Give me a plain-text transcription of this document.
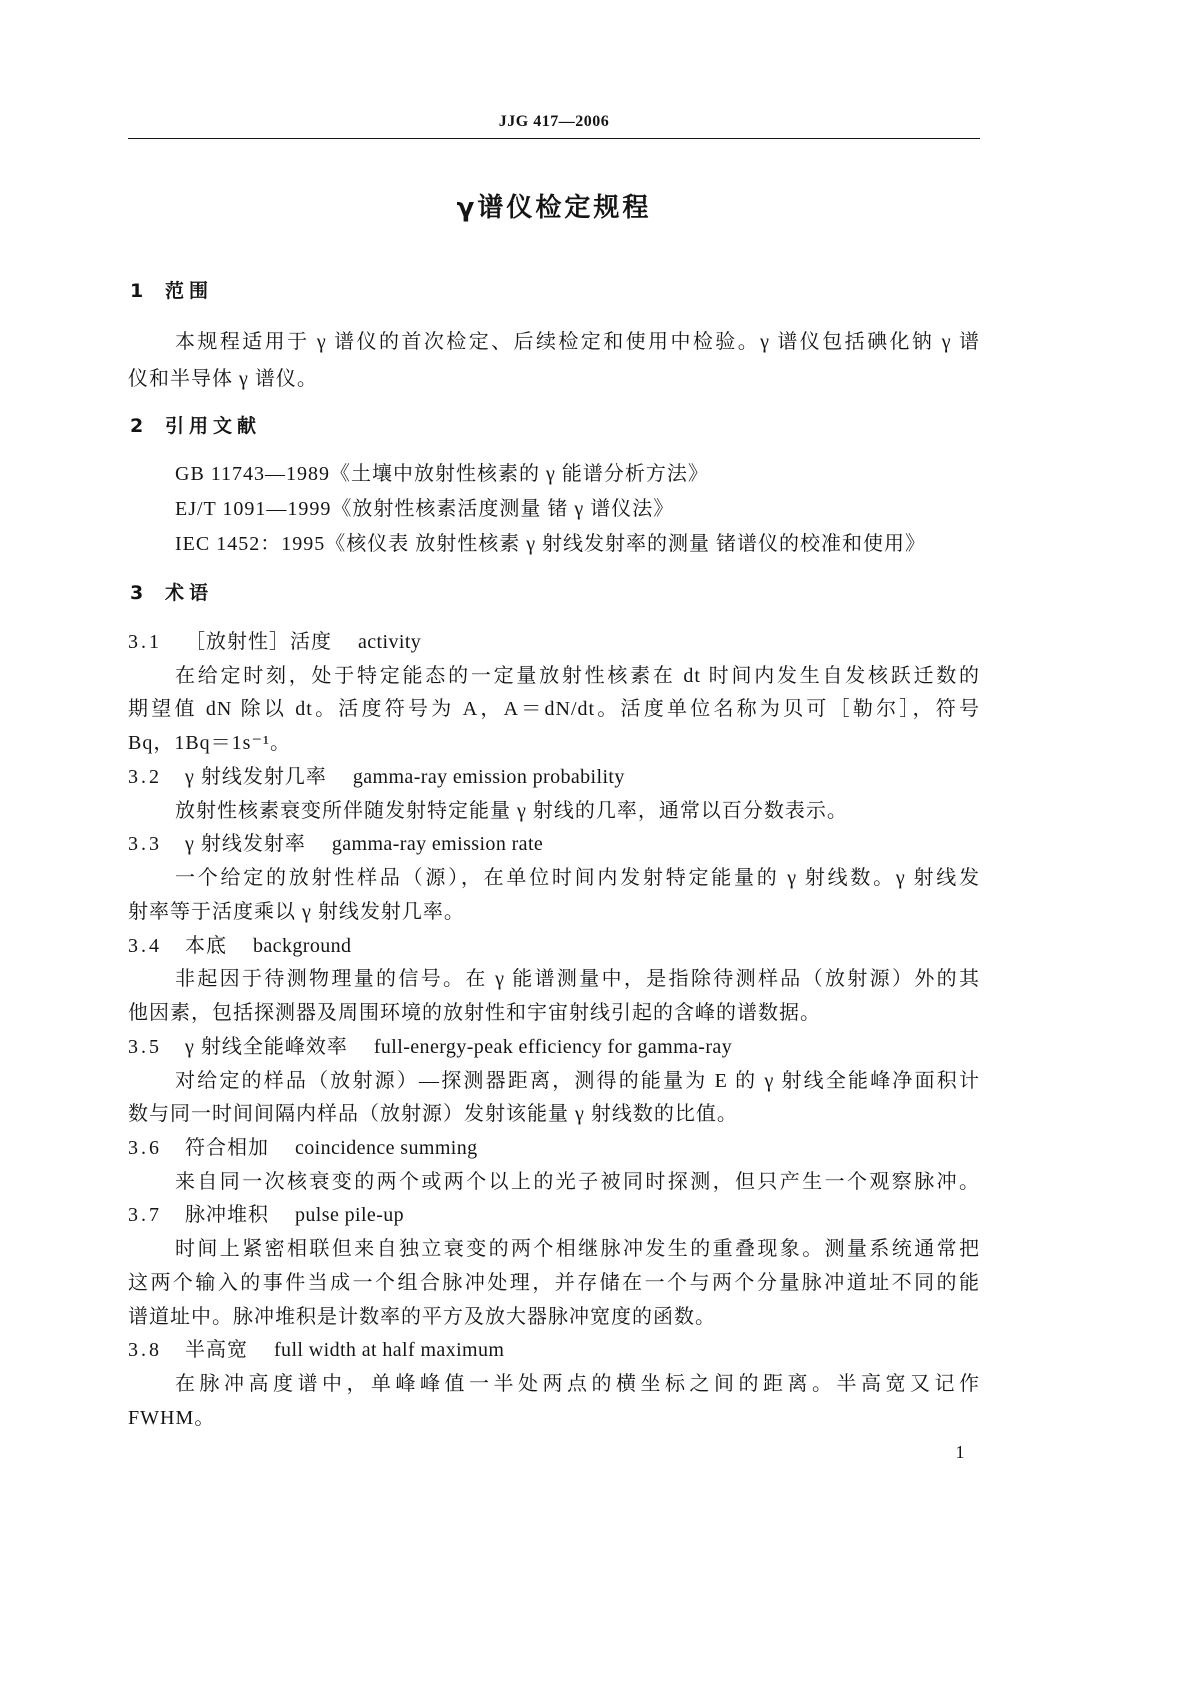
JJG 417—2006
γ谱仪检定规程
1 范围
本规程适用于 γ 谱仪的首次检定、后续检定和使用中检验。γ 谱仪包括碘化钠 γ 谱
仪和半导体 γ 谱仪。
2 引用文献
GB 11743—1989《土壤中放射性核素的 γ 能谱分析方法》
EJ/T 1091—1999《放射性核素活度测量 锗 γ 谱仪法》
IEC 1452：1995《核仪表 放射性核素 γ 射线发射率的测量 锗谱仪的校准和使用》
3 术语
3.1 ［放射性］活度 activity
在给定时刻，处于特定能态的一定量放射性核素在 dt 时间内发生自发核跃迁数的
期望值 dN 除以 dt。活度符号为 A，A＝dN/dt。活度单位名称为贝可［勒尔］，符号
Bq，1Bq＝1s⁻¹。
3.2 γ 射线发射几率 gamma-ray emission probability
放射性核素衰变所伴随发射特定能量 γ 射线的几率，通常以百分数表示。
3.3 γ 射线发射率 gamma-ray emission rate
一个给定的放射性样品（源），在单位时间内发射特定能量的 γ 射线数。γ 射线发
射率等于活度乘以 γ 射线发射几率。
3.4 本底 background
非起因于待测物理量的信号。在 γ 能谱测量中，是指除待测样品（放射源）外的其
他因素，包括探测器及周围环境的放射性和宇宙射线引起的含峰的谱数据。
3.5 γ 射线全能峰效率 full-energy-peak efficiency for gamma-ray
对给定的样品（放射源）—探测器距离，测得的能量为 E 的 γ 射线全能峰净面积计
数与同一时间间隔内样品（放射源）发射该能量 γ 射线数的比值。
3.6 符合相加 coincidence summing
来自同一次核衰变的两个或两个以上的光子被同时探测，但只产生一个观察脉冲。
3.7 脉冲堆积 pulse pile-up
时间上紧密相联但来自独立衰变的两个相继脉冲发生的重叠现象。测量系统通常把
这两个输入的事件当成一个组合脉冲处理，并存储在一个与两个分量脉冲道址不同的能
谱道址中。脉冲堆积是计数率的平方及放大器脉冲宽度的函数。
3.8 半高宽 full width at half maximum
在脉冲高度谱中，单峰峰值一半处两点的横坐标之间的距离。半高宽又记作
FWHM。
1
